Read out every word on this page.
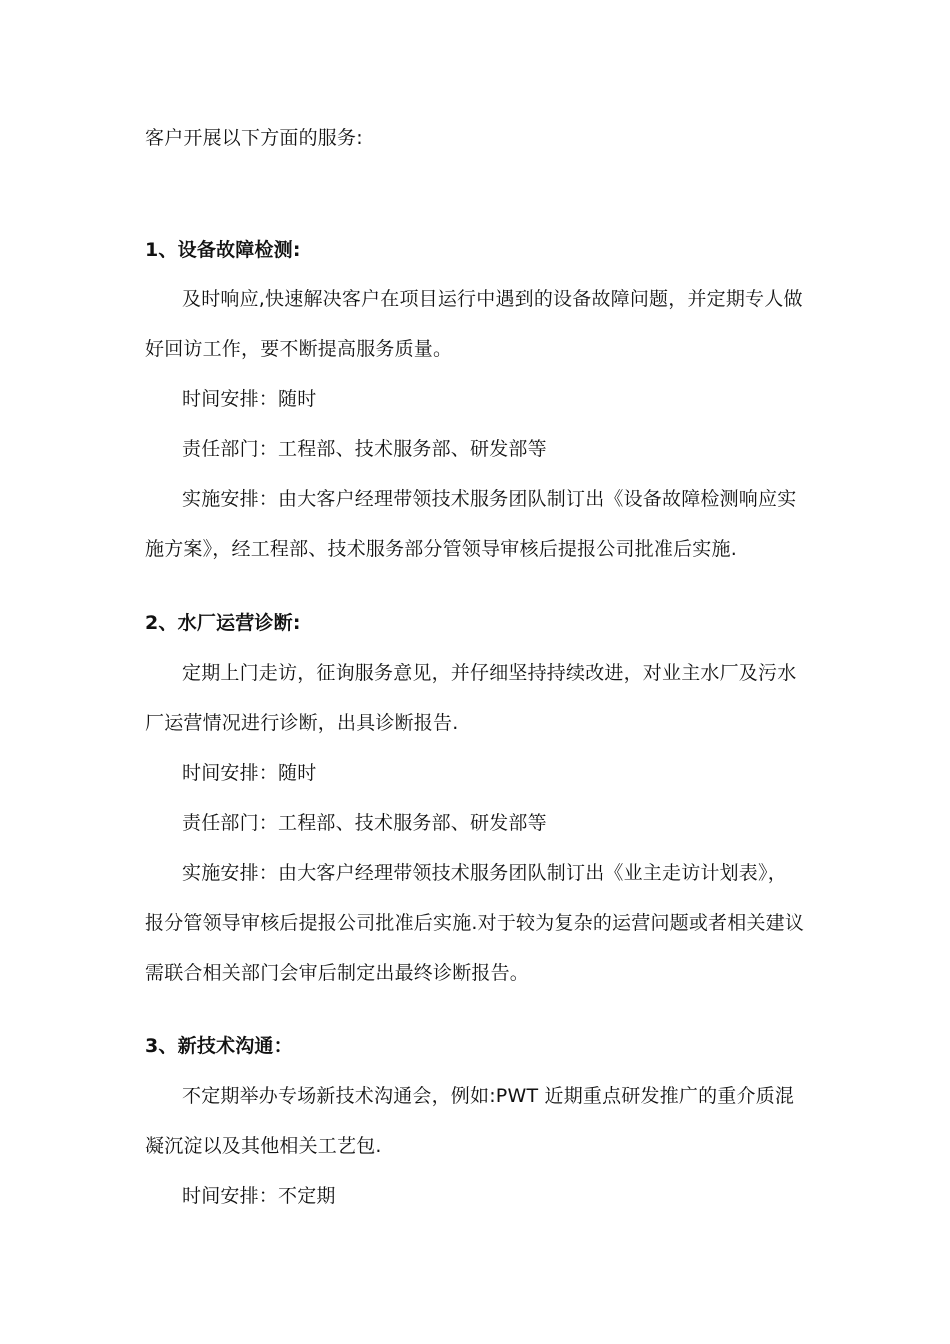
客户开展以下方面的服务:
1、设备故障检测:
及时响应,快速解决客户在项目运行中遇到的设备故障问题，并定期专人做
好回访工作，要不断提高服务质量。
时间安排：随时
责任部门：工程部、技术服务部、研发部等
实施安排：由大客户经理带领技术服务团队制订出《设备故障检测响应实
施方案》，经工程部、技术服务部分管领导审核后提报公司批准后实施.
2、水厂运营诊断:
定期上门走访，征询服务意见，并仔细坚持持续改进，对业主水厂及污水
厂运营情况进行诊断，出具诊断报告.
时间安排：随时
责任部门：工程部、技术服务部、研发部等
实施安排：由大客户经理带领技术服务团队制订出《业主走访计划表》，
报分管领导审核后提报公司批准后实施.对于较为复杂的运营问题或者相关建议
需联合相关部门会审后制定出最终诊断报告。
3、新技术沟通：
不定期举办专场新技术沟通会，例如:PWT 近期重点研发推广的重介质混
凝沉淀以及其他相关工艺包.
时间安排：不定期
